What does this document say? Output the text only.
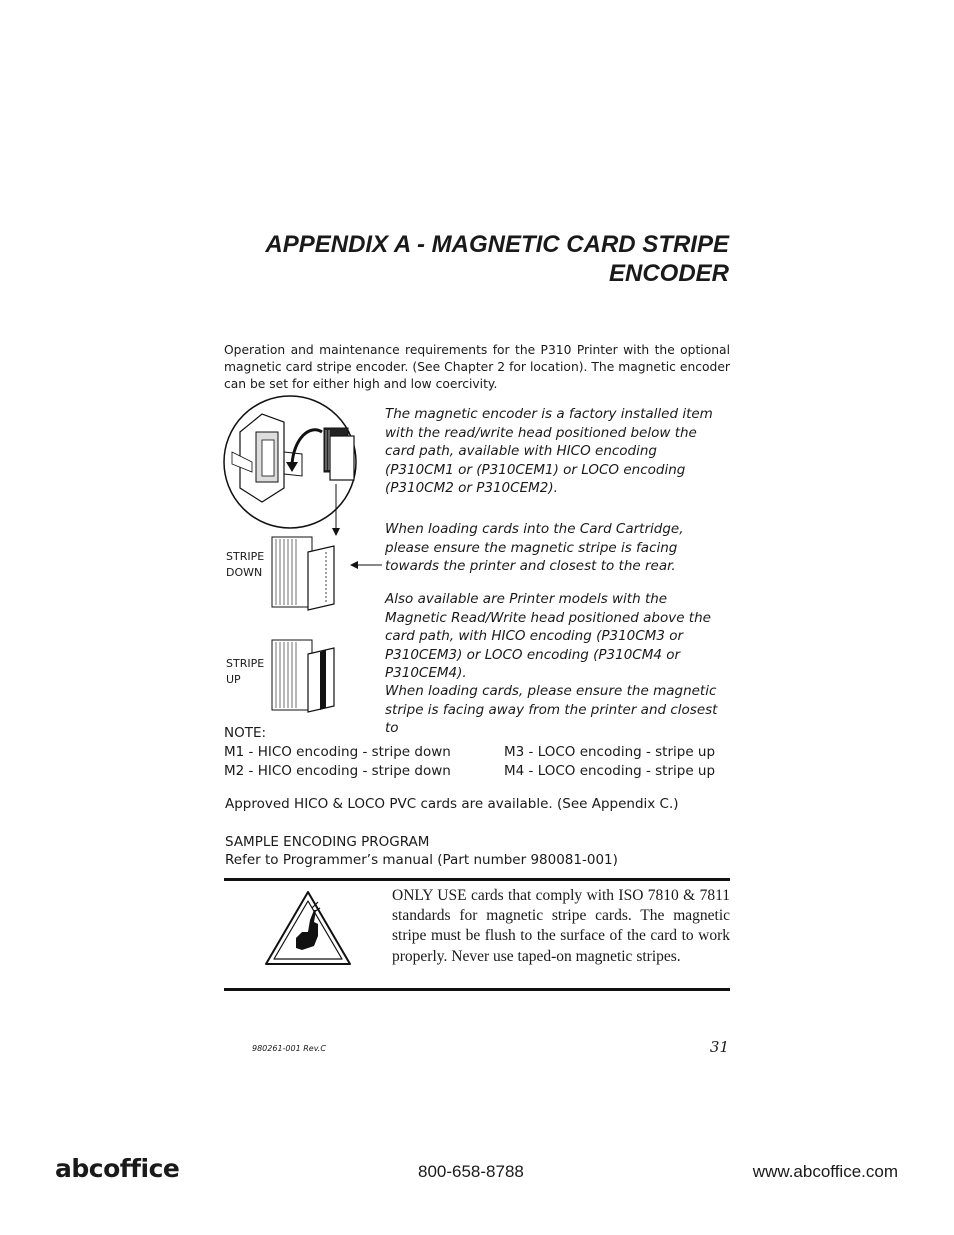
APPENDIX A - MAGNETIC CARD STRIPE
ENCODER
Operation and maintenance requirements for the P310 Printer with the optional magnetic card stripe encoder. (See Chapter 2 for location). The magnetic encoder can be set for either high and low coercivity.
STRIPE
DOWN
STRIPE
UP
The magnetic encoder is a factory installed item with the read/write head positioned below the card path, available with HICO encoding (P310CM1 or (P310CEM1) or LOCO encoding (P310CM2 or P310CEM2).
When loading cards into the Card Cartridge, please ensure the magnetic stripe is facing towards the printer and closest to the rear.
Also available are Printer models with the Magnetic Read/Write head positioned above the card path, with HICO encoding (P310CM3 or P310CEM3) or LOCO encoding (P310CM4 or P310CEM4).
When loading cards, please ensure the magnetic stripe is facing away from the printer and closest to
NOTE:
M1 - HICO encoding - stripe down	M3 - LOCO encoding - stripe up
M2 - HICO encoding - stripe down	M4 - LOCO encoding - stripe up
Approved HICO & LOCO PVC cards are available. (See Appendix C.)
SAMPLE ENCODING PROGRAM
Refer to Programmer’s manual (Part number 980081-001)
ONLY USE cards that comply with ISO 7810 & 7811 standards for magnetic stripe cards. The magnetic stripe must be flush to the surface of the card to work properly. Never use taped-on magnetic stripes.
980261-001 Rev.C	31
abcoffice	800-658-8788	www.abcoffice.com
